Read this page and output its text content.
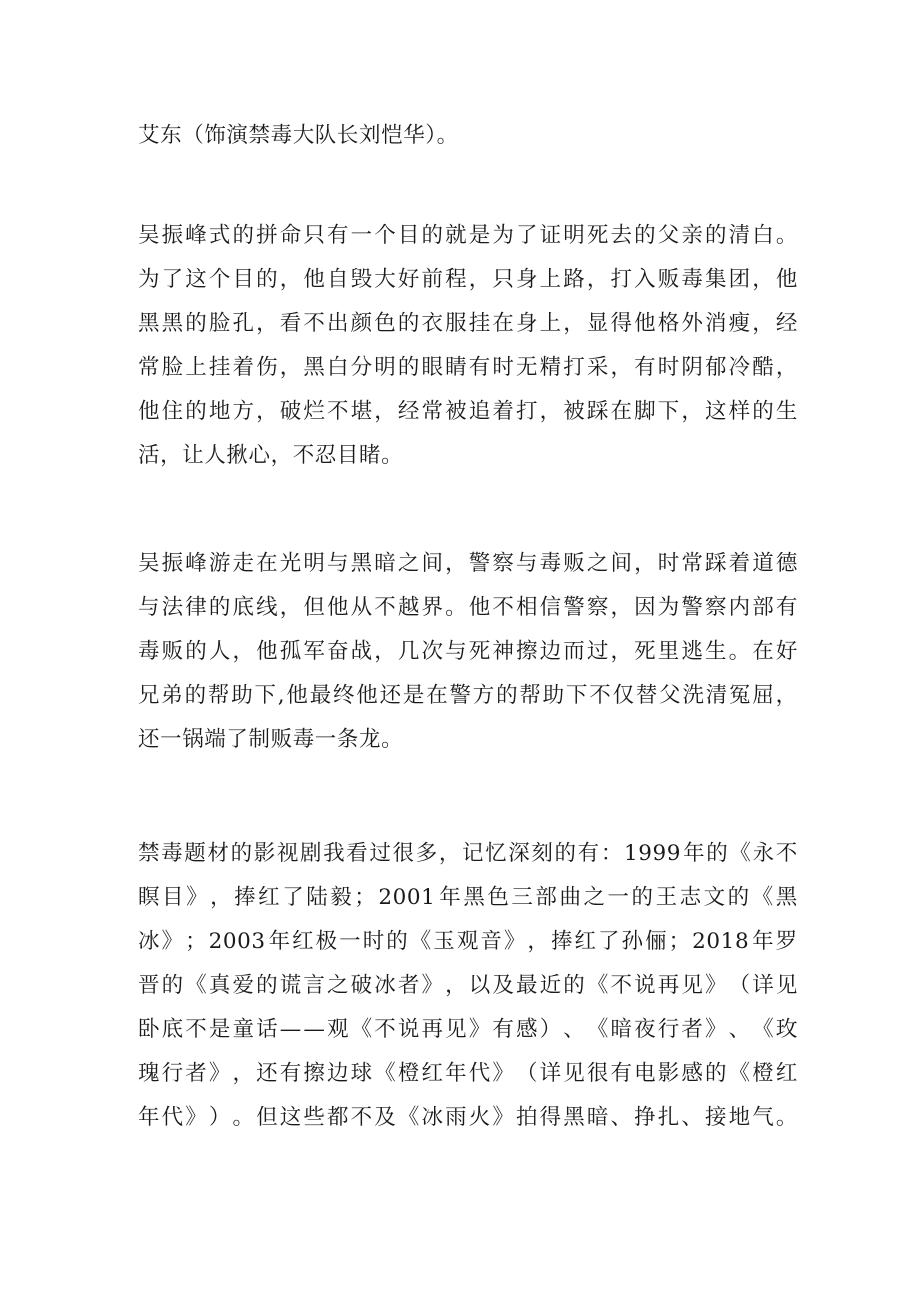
艾东（饰演禁毒大队长刘恺华）。
吴 振 峰 式 的 拼 命 只 有 一 个 目 的 就 是 为 了 证 明 死 去 的 父 亲 的 清 白 。
为 了 这 个 目 的 ， 他 自 毁 大 好 前 程 ， 只 身 上 路 ， 打 入 贩 毒 集 团 ， 他
黑 黑 的 脸 孔 ， 看 不 出 颜 色 的 衣 服 挂 在 身 上 ， 显 得 他 格 外 消 瘦 ， 经
常 脸 上 挂 着 伤 ， 黑 白 分 明 的 眼 睛 有 时 无 精 打 采 ， 有 时 阴 郁 冷 酷 ，
他 住 的 地 方 ， 破 烂 不 堪 ， 经 常 被 追 着 打 ， 被 踩 在 脚 下 ， 这 样 的 生
活，让人揪心，不忍目睹。
吴 振 峰 游 走 在 光 明 与 黑 暗 之 间 ， 警 察 与 毒 贩 之 间 ， 时 常 踩 着 道 德
与 法 律 的 底 线 ， 但 他 从 不 越 界 。 他 不 相 信 警 察 ， 因 为 警 察 内 部 有
毒 贩 的 人 ， 他 孤 军 奋 战 ， 几 次 与 死 神 擦 边 而 过 ， 死 里 逃 生 。 在 好
兄 弟 的 帮 助 下 , 他 最 终 他 还 是 在 警 方 的 帮 助 下 不 仅 替 父 洗 清 冤 屈 ，
还一锅端了制贩毒一条龙。
禁 毒 题 材 的 影 视 剧 我 看 过 很 多 ， 记 忆 深 刻 的 有 ： 1999 年 的 《 永 不
瞑 目 》 ， 捧 红 了 陆 毅 ； 2001 年 黑 色 三 部 曲 之 一 的 王 志 文 的 《 黑
冰 》 ； 2003 年 红 极 一 时 的 《 玉 观 音 》 ， 捧 红 了 孙 俪 ； 2018 年 罗
晋 的 《 真 爱 的 谎 言 之 破 冰 者 》 ， 以 及 最 近 的 《 不 说 再 见 》 （ 详 见
卧 底 不 是 童 话 — — 观 《 不 说 再 见 》 有 感 ） 、 《 暗 夜 行 者 》 、 《 玫
瑰 行 者 》 ， 还 有 擦 边 球 《 橙 红 年 代 》 （ 详 见 很 有 电 影 感 的 《 橙 红
年 代 》 ） 。 但 这 些 都 不 及 《 冰 雨 火 》 拍 得 黑 暗 、 挣 扎 、 接 地 气 。
